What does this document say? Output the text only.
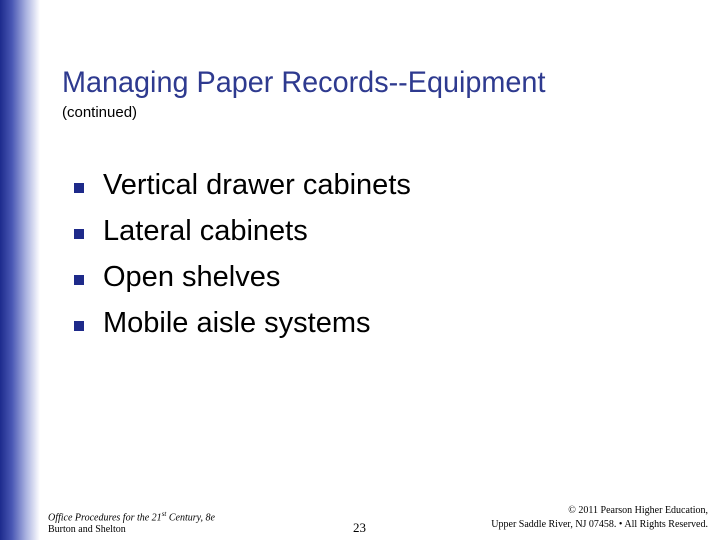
Managing Paper Records--Equipment
(continued)
Vertical drawer cabinets
Lateral cabinets
Open shelves
Mobile aisle systems
Office Procedures for the 21st Century, 8e
Burton and Shelton	23
© 2011 Pearson Higher Education,
Upper Saddle River, NJ 07458. • All Rights Reserved.
